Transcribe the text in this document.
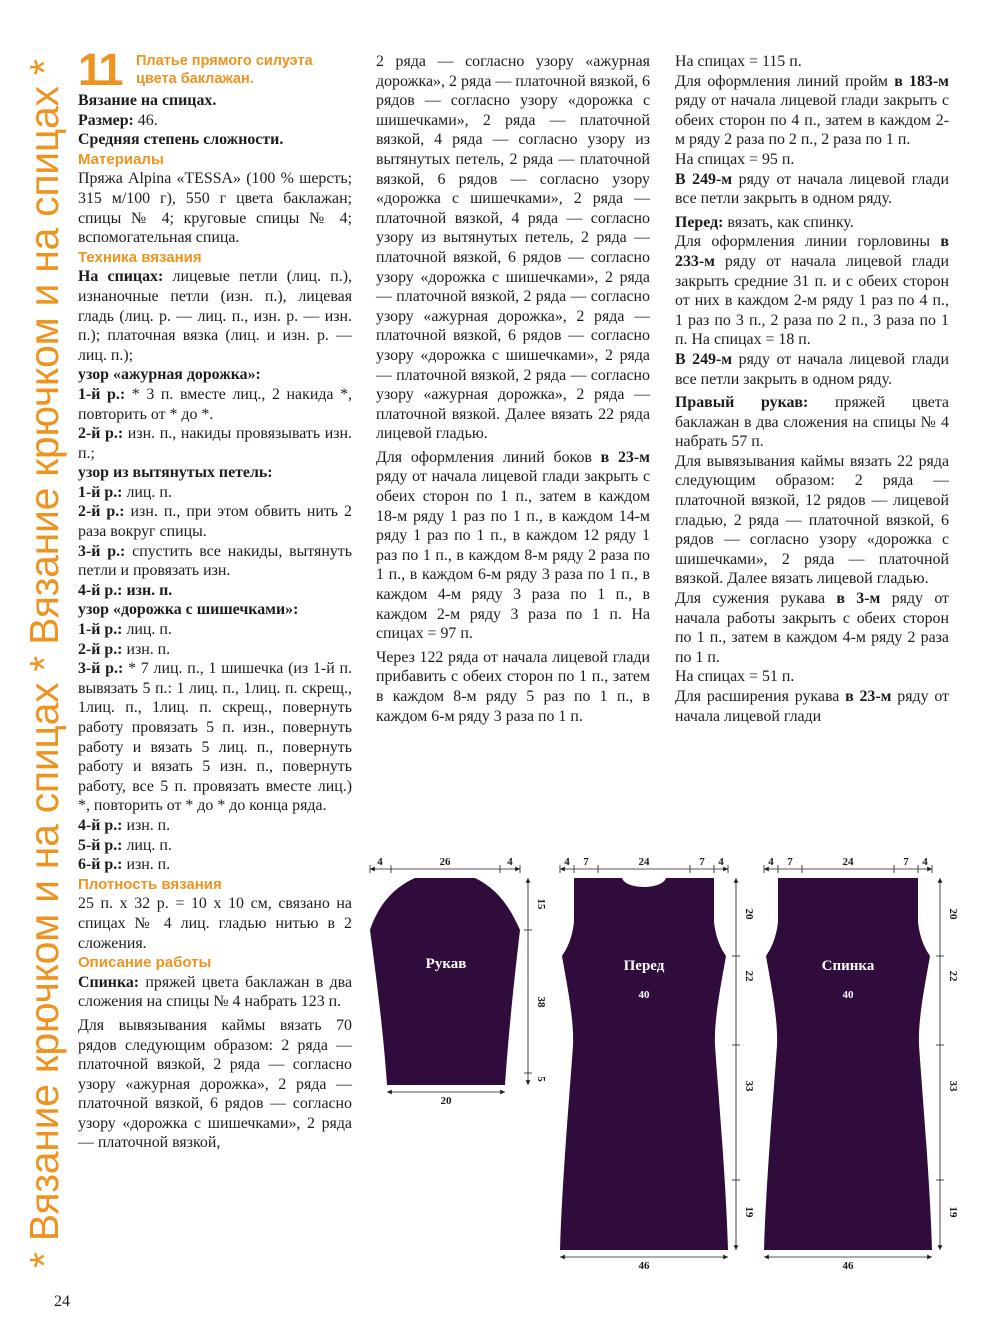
* Вязание крючком и на спицах * Вязание крючком и на спицах * 11 Платье прямого силуэта цвета баклажан.

Вязание на спицах.

Размер: 46.

Средняя степень сложности.

Материалы

Пряжа Alpina «TESSA» (100 % шерсть; 315 м/100 г), 550 г цвета баклажан; спицы № 4; круговые спицы № 4; вспомогательная спица.

Техника вязания

На спицах: лицевые петли (лиц. п.), изнаночные петли (изн. п.), лицевая гладь (лиц. р. — лиц. п., изн. р. — изн. п.); платочная вязка (лиц. и изн. р. — лиц. п.);

узор «ажурная дорожка»:

1-й р.: * 3 п. вместе лиц., 2 накида *, повторить от * до *.

2-й р.: изн. п., накиды провязывать изн. п.;

узор из вытянутых петель:

1-й р.: лиц. п.

2-й р.: изн. п., при этом обвить нить 2 раза вокруг спицы.

3-й р.: спустить все накиды, вытянуть петли и провязать изн.

4-й р.: изн. п.

узор «дорожка с шишечками»:

1-й р.: лиц. п.

2-й р.: изн. п.

3-й р.: * 7 лиц. п., 1 шишечка (из 1-й п. вывязать 5 п.: 1 лиц. п., 1лиц. п. скрещ., 1лиц. п., 1лиц. п. скрещ., повернуть работу провязать 5 п. изн., повернуть работу и вязать 5 лиц. п., повернуть работу и вязать 5 изн. п., повернуть работу, все 5 п. провязать вместе лиц.) *, повторить от * до * до конца ряда.

4-й р.: изн. п.

5-й р.: лиц. п.

6-й р.: изн. п.

Плотность вязания

25 п. х 32 р. = 10 х 10 см, связано на спицах № 4 лиц. гладью нитью в 2 сложения.

Описание работы

Спинка: пряжей цвета баклажан в два сложения на спицы № 4 набрать 123 п.

Для вывязывания каймы вязать 70 рядов следующим образом: 2 ряда — платочной вязкой, 2 ряда — согласно узору «ажурная дорожка», 2 ряда — платочной вязкой, 6 рядов — согласно узору «дорожка с шишечками», 2 ряда — платочной вязкой,

2 ряда — согласно узору «ажурная дорожка», 2 ряда — платочной вязкой, 6 рядов — согласно узору «дорожка с шишечками», 2 ряда — платочной вязкой, 4 ряда — согласно узору из вытянутых петель, 2 ряда — платочной вязкой, 6 рядов — согласно узору «дорожка с шишечками», 2 ряда — платочной вязкой, 4 ряда — согласно узору из вытянутых петель, 2 ряда — платочной вязкой, 6 рядов — согласно узору «дорожка с шишечками», 2 ряда — платочной вязкой, 2 ряда — согласно узору «ажурная дорожка», 2 ряда — платочной вязкой, 6 рядов — согласно узору «дорожка с шишечками», 2 ряда — платочной вязкой, 2 ряда — согласно узору «ажурная дорожка», 2 ряда — платочной вязкой. Далее вязать 22 ряда лицевой гладью.

Для оформления линий боков в 23-м ряду от начала лицевой глади закрыть с обеих сторон по 1 п., затем в каждом 18-м ряду 1 раз по 1 п., в каждом 14-м ряду 1 раз по 1 п., в каждом 12 ряду 1 раз по 1 п., в каждом 8-м ряду 2 раза по 1 п., в каждом 6-м ряду 3 раза по 1 п., в каждом 4-м ряду 3 раза по 1 п., в каждом 2-м ряду 3 раза по 1 п. На спицах = 97 п.

Через 122 ряда от начала лицевой глади прибавить с обеих сторон по 1 п., затем в каждом 8-м ряду 5 раз по 1 п., в каждом 6-м ряду 3 раза по 1 п.

На спицах = 115 п.

Для оформления линий пройм в 183-м ряду от начала лицевой глади закрыть с обеих сторон по 4 п., затем в каждом 2-м ряду 2 раза по 2 п., 2 раза по 1 п.

На спицах = 95 п.

В 249-м ряду от начала лицевой глади все петли закрыть в одном ряду.

Перед: вязать, как спинку.

Для оформления линии горловины в 233-м ряду от начала лицевой глади закрыть средние 31 п. и с обеих сторон от них в каждом 2-м ряду 1 раз по 4 п., 1 раз по 3 п., 2 раза по 2 п., 3 раза по 1 п. На спицах = 18 п.

В 249-м ряду от начала лицевой глади все петли закрыть в одном ряду.

Правый рукав: пряжей цвета баклажан в два сложения на спицы № 4 набрать 57 п.

Для вывязывания каймы вязать 22 ряда следующим образом: 2 ряда — платочной вязкой, 12 рядов — лицевой гладью, 2 ряда — платочной вязкой, 6 рядов — согласно узору «дорожка с шишечками», 2 ряда — платочной вязкой. Далее вязать лицевой гладью.

Для сужения рукава в 3-м ряду от начала работы закрыть с обеих сторон по 1 п., затем в каждом 4-м ряду 2 раза по 1 п.

На спицах = 51 п.

Для расширения рукава в 23-м ряду от начала лицевой глади

4	26	4
Рукав
15
38
5
20
4 7	24	7 4
3.5
Перед
40
20
22
33
19
46
4 7	24	7 4
Спинка
40
20
22
33
19
46
24
